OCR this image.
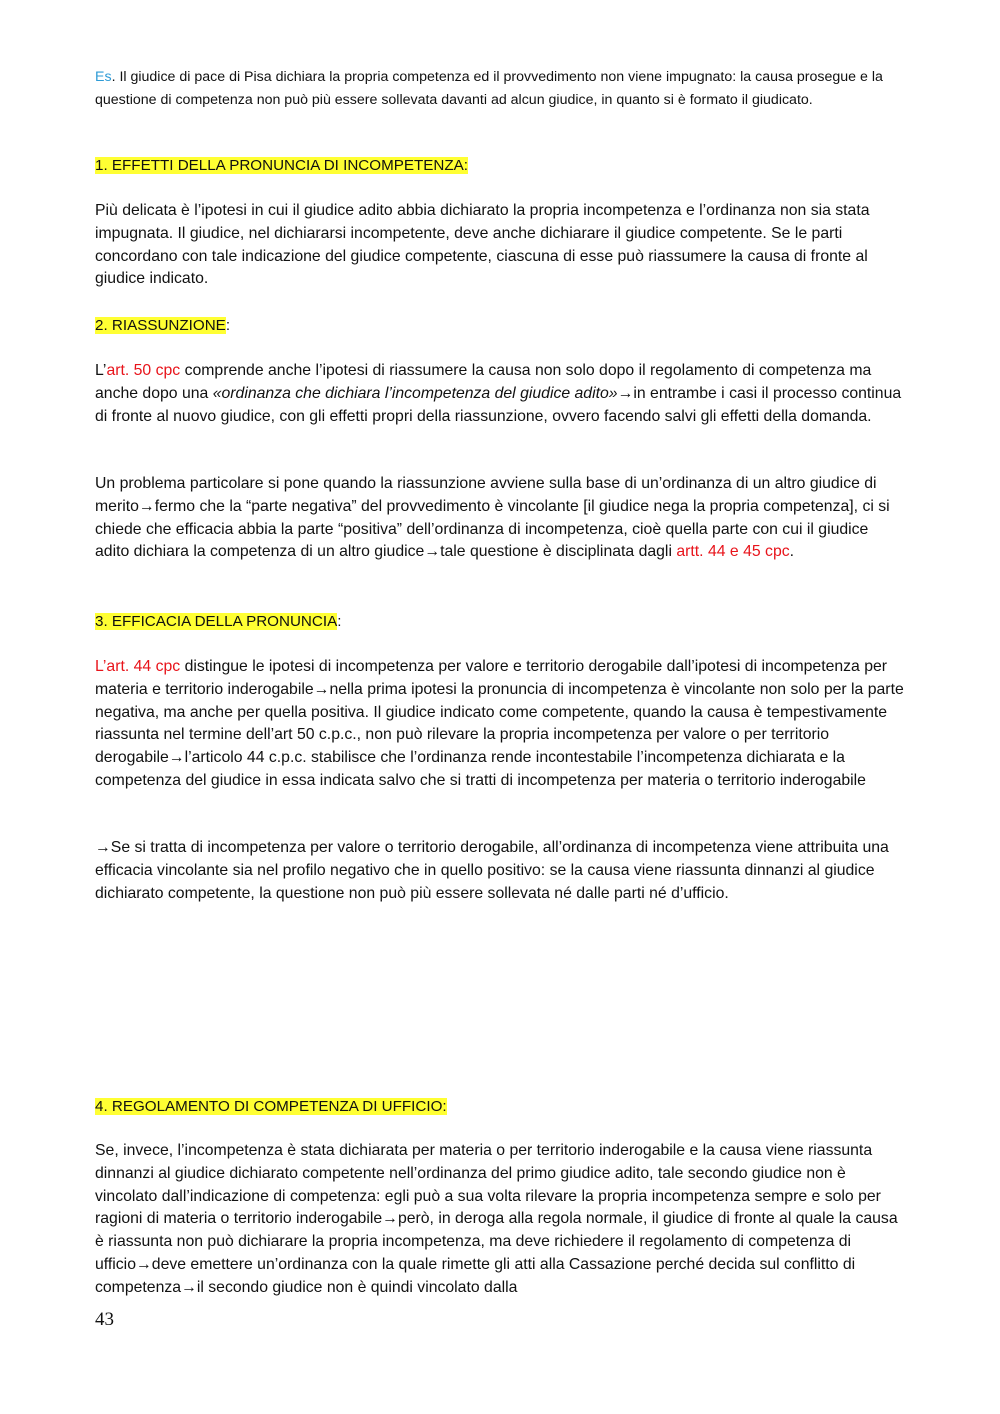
Es. Il giudice di pace di Pisa dichiara la propria competenza ed il provvedimento non viene impugnato: la causa prosegue e la questione di competenza non può più essere sollevata davanti ad alcun giudice, in quanto si è formato il giudicato.

1. EFFETTI DELLA PRONUNCIA DI INCOMPETENZA:

Più delicata è l’ipotesi in cui il giudice adito abbia dichiarato la propria incompetenza e l’ordinanza non sia stata impugnata. Il giudice, nel dichiararsi incompetente, deve anche dichiarare il giudice competente. Se le parti concordano con tale indicazione del giudice competente, ciascuna di esse può riassumere la causa di fronte al giudice indicato.

2. RIASSUNZIONE:

L’art. 50 cpc comprende anche l’ipotesi di riassumere la causa non solo dopo il regolamento di competenza ma anche dopo una «ordinanza che dichiara l’incompetenza del giudice adito»→in entrambe i casi il processo continua di fronte al nuovo giudice, con gli effetti propri della riassunzione, ovvero facendo salvi gli effetti della domanda.

Un problema particolare si pone quando la riassunzione avviene sulla base di un’ordinanza di un altro giudice di merito→fermo che la “parte negativa” del provvedimento è vincolante [il giudice nega la propria competenza], ci si chiede che efficacia abbia la parte “positiva” dell’ordinanza di incompetenza, cioè quella parte con cui il giudice adito dichiara la competenza di un altro giudice→tale questione è disciplinata dagli artt. 44 e 45 cpc.

3. EFFICACIA DELLA PRONUNCIA:

L’art. 44 cpc distingue le ipotesi di incompetenza per valore e territorio derogabile dall’ipotesi di incompetenza per materia e territorio inderogabile→nella prima ipotesi la pronuncia di incompetenza è vincolante non solo per la parte negativa, ma anche per quella positiva. Il giudice indicato come competente, quando la causa è tempestivamente riassunta nel termine dell’art 50 c.p.c., non può rilevare la propria incompetenza per valore o per territorio derogabile→l’articolo 44 c.p.c. stabilisce che l’ordinanza rende incontestabile l’incompetenza dichiarata e la competenza del giudice in essa indicata salvo che si tratti di incompetenza per materia o territorio inderogabile

→Se si tratta di incompetenza per valore o territorio derogabile, all’ordinanza di incompetenza viene attribuita una efficacia vincolante sia nel profilo negativo che in quello positivo: se la causa viene riassunta dinnanzi al giudice dichiarato competente, la questione non può più essere sollevata né dalle parti né d’ufficio.

4. REGOLAMENTO DI COMPETENZA DI UFFICIO:

Se, invece, l’incompetenza è stata dichiarata per materia o per territorio inderogabile e la causa viene riassunta dinnanzi al giudice dichiarato competente nell’ordinanza del primo giudice adito, tale secondo giudice non è vincolato dall’indicazione di competenza: egli può a sua volta rilevare la propria incompetenza sempre e solo per ragioni di materia o territorio inderogabile→però, in deroga alla regola normale, il giudice di fronte al quale la causa è riassunta non può dichiarare la propria incompetenza, ma deve richiedere il regolamento di competenza di ufficio→deve emettere un’ordinanza con la quale rimette gli atti alla Cassazione perché decida sul conflitto di competenza→il secondo giudice non è quindi vincolato dalla

43
